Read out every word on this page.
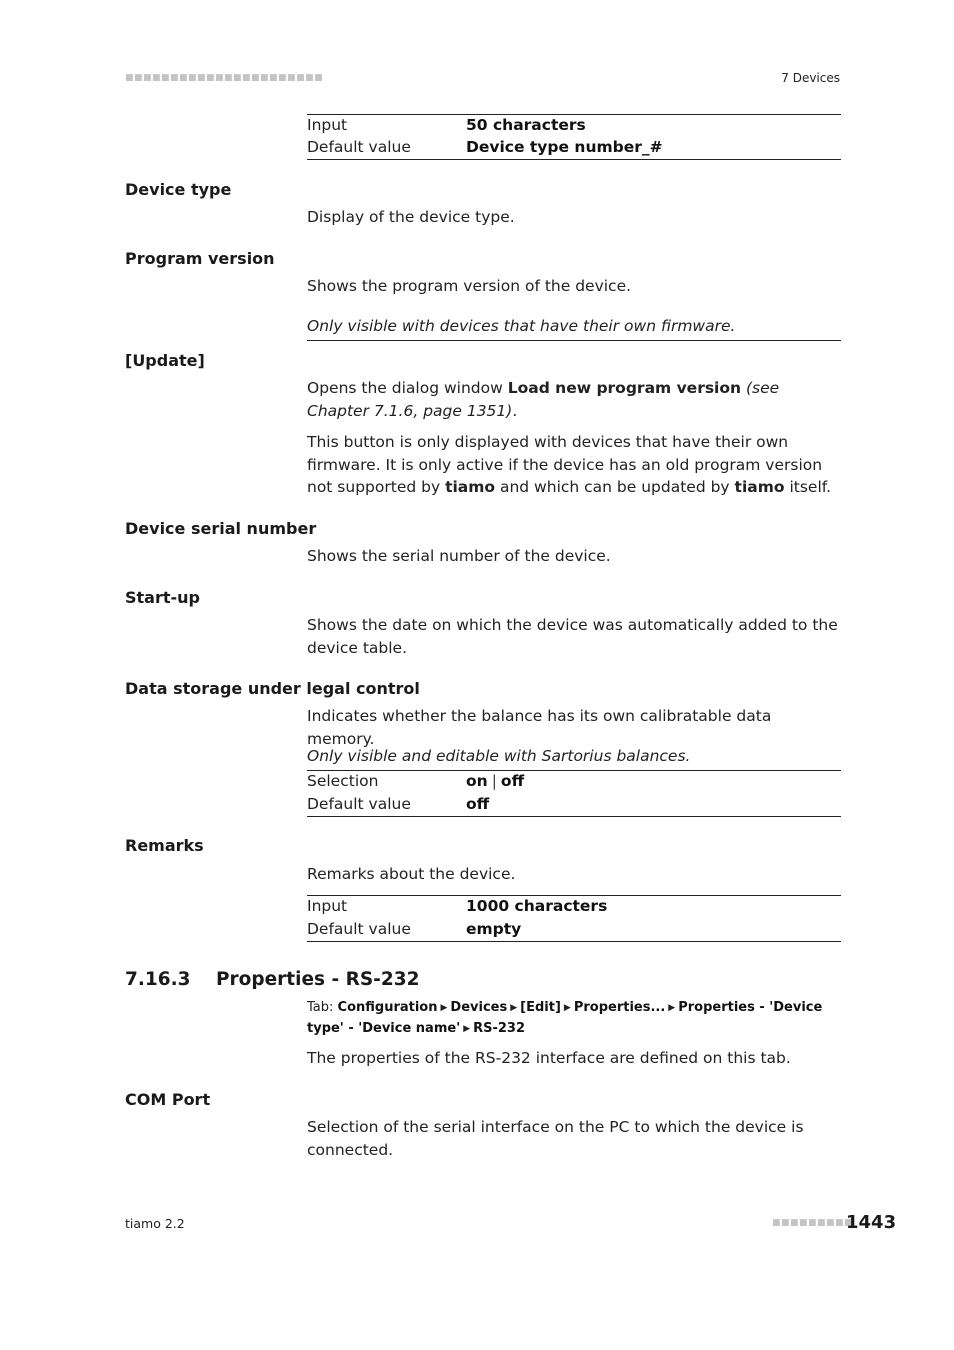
■■■■■■■■■■■■■■■■■■■■■■	7 Devices
Input	50 characters
Default value	Device type number_#
Device type
Display of the device type.
Program version
Shows the program version of the device.
Only visible with devices that have their own firmware.
[Update]
Opens the dialog window Load new program version (see Chapter 7.1.6, page 1351).
This button is only displayed with devices that have their own firmware. It is only active if the device has an old program version not supported by tiamo and which can be updated by tiamo itself.
Device serial number
Shows the serial number of the device.
Start-up
Shows the date on which the device was automatically added to the device table.
Data storage under legal control
Indicates whether the balance has its own calibratable data memory.
Only visible and editable with Sartorius balances.
Selection	on | off
Default value	off
Remarks
Remarks about the device.
Input	1000 characters
Default value	empty
7.16.3 Properties - RS-232
Tab: Configuration ▶ Devices ▶ [Edit] ▶ Properties... ▶ Properties - 'Device type' - 'Device name' ▶ RS-232
The properties of the RS-232 interface are defined on this tab.
COM Port
Selection of the serial interface on the PC to which the device is connected.
tiamo 2.2	■■■■■■■■■
1443
